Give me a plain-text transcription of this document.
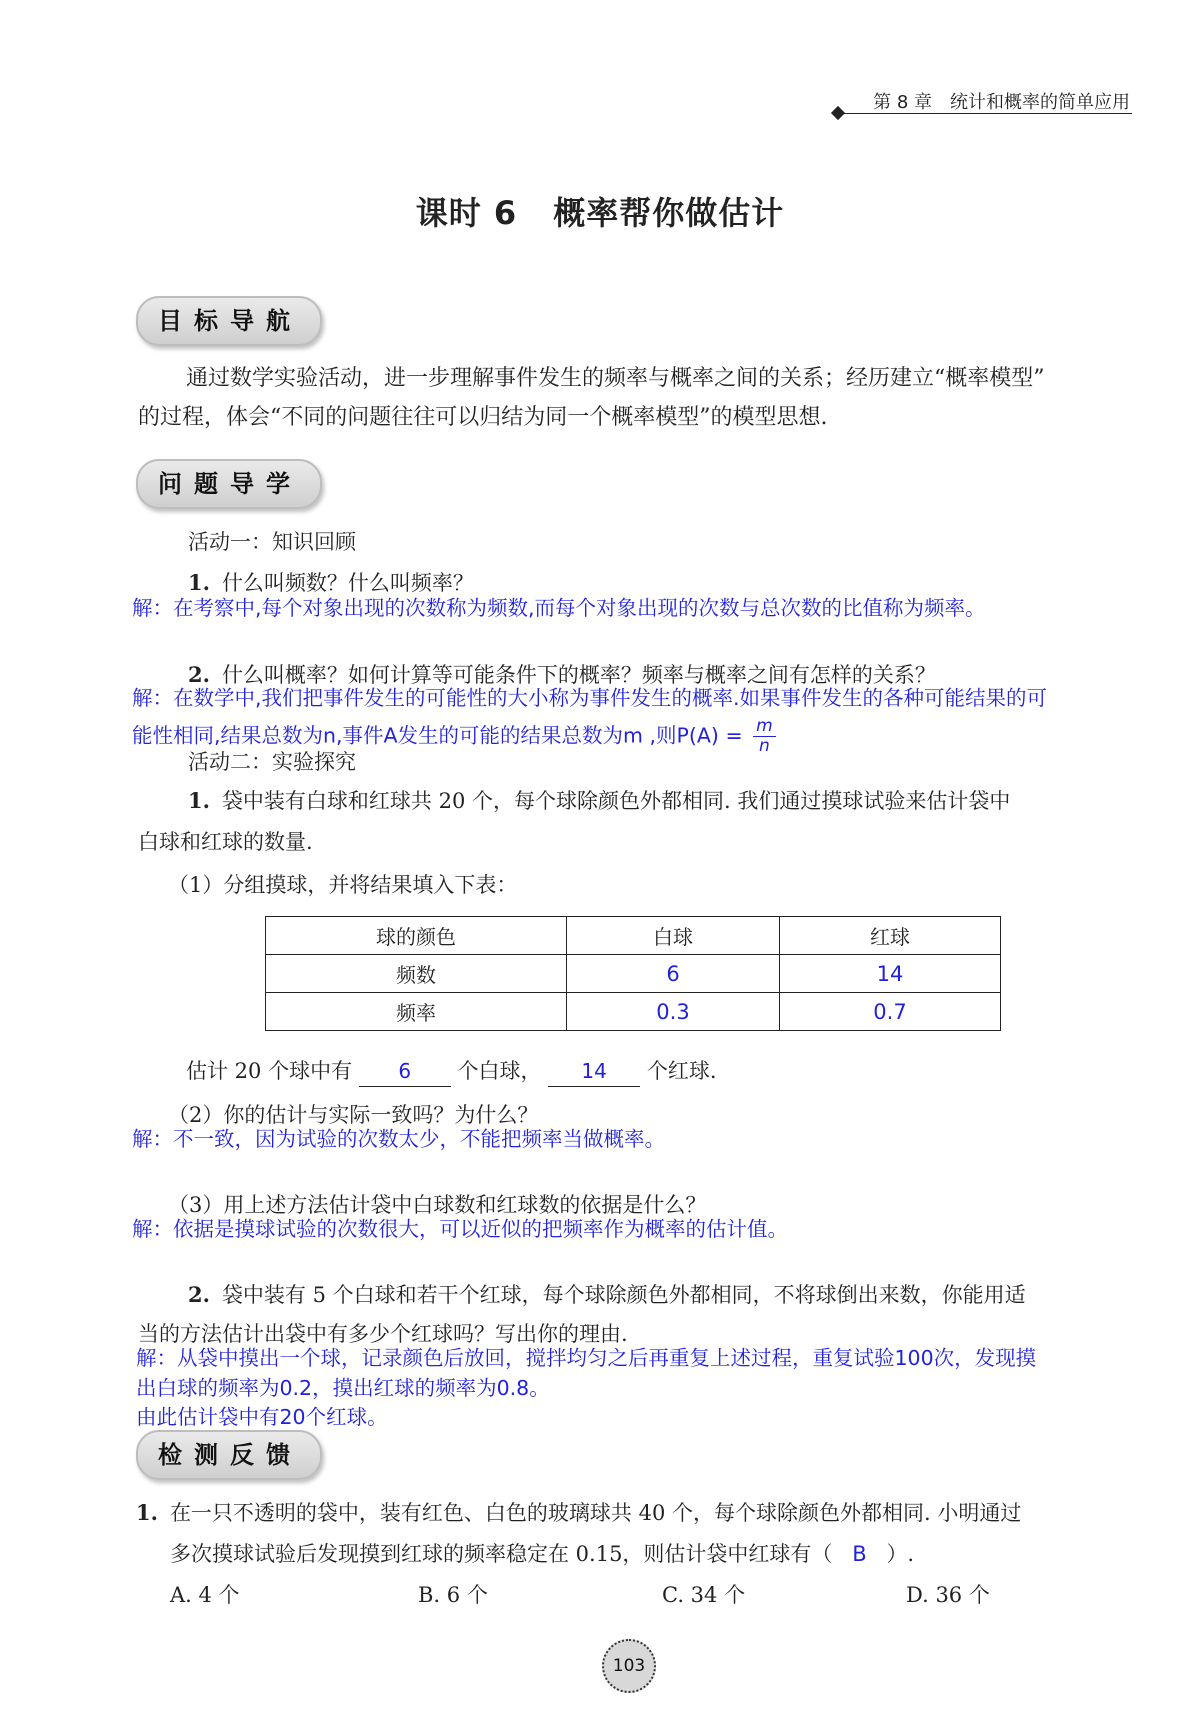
第 8 章 统计和概率的简单应用
课时 6 概率帮你做估计
目标导航
通过数学实验活动，进一步理解事件发生的频率与概率之间的关系；经历建立“概率模型”
的过程，体会“不同的问题往往可以归结为同一个概率模型”的模型思想.
问题导学
活动一：知识回顾
1. 什么叫频数？什么叫频率？
解：在考察中,每个对象出现的次数称为频数,而每个对象出现的次数与总次数的比值称为频率。
2. 什么叫概率？如何计算等可能条件下的概率？频率与概率之间有怎样的关系？
解：在数学中,我们把事件发生的可能性的大小称为事件发生的概率.如果事件发生的各种可能结果的可
能性相同,结果总数为n,事件A发生的可能的结果总数为m ,则$P(A) = \frac{m}{n}$
活动二：实验探究
1. 袋中装有白球和红球共 20 个，每个球除颜色外都相同. 我们通过摸球试验来估计袋中
白球和红球的数量.
（1）分组摸球，并将结果填入下表：
球的颜色	白球	红球
频数	6	14
频率	0.3	0.7
估计 20 个球中有 6 个白球， 14 个红球.
（2）你的估计与实际一致吗？为什么？
解：不一致，因为试验的次数太少，不能把频率当做概率。
（3）用上述方法估计袋中白球数和红球数的依据是什么？
解：依据是摸球试验的次数很大，可以近似的把频率作为概率的估计值。
2. 袋中装有 5 个白球和若干个红球，每个球除颜色外都相同，不将球倒出来数，你能用适
当的方法估计出袋中有多少个红球吗？写出你的理由.
解：从袋中摸出一个球，记录颜色后放回，搅拌均匀之后再重复上述过程，重复试验100次，发现摸
出白球的频率为0.2，摸出红球的频率为0.8。
由此估计袋中有20个红球。
检测反馈
1. 在一只不透明的袋中，装有红色、白色的玻璃球共 40 个，每个球除颜色外都相同. 小明通过
多次摸球试验后发现摸到红球的频率稳定在 0.15，则估计袋中红球有（ B ）.
A. 4 个	B. 6 个	C. 34 个	D. 36 个
103
